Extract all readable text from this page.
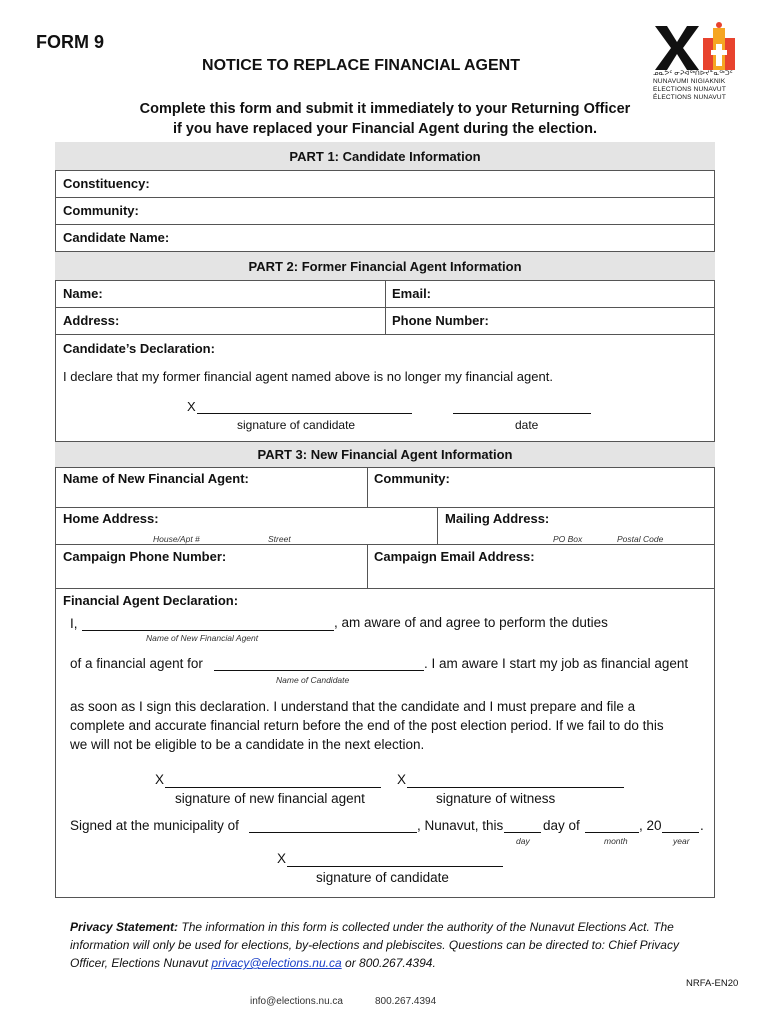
FORM 9
NOTICE TO REPLACE FINANCIAL AGENT
Complete this form and submit it immediately to your Returning Officer
if you have replaced your Financial Agent during the election.
ᓄᓇᕗᑦ ᓂᕈᐊᖅᑎᐅᔪᓐᓇᖅᑐᑦ
NUNAVUMI NIGIAKNIK
ELECTIONS NUNAVUT
ÉLECTIONS NUNAVUT
PART 1: Candidate Information
Constituency:
Community:
Candidate Name:
PART 2: Former Financial Agent Information
Name:	Email:
Address:	Phone Number:
Candidate’s Declaration:
I declare that my former financial agent named above is no longer my financial agent.
X
signature of candidate	date
PART 3: New Financial Agent Information
Name of New Financial Agent:	Community:
Home Address:
House/Apt #	Street
Mailing Address:
PO Box	Postal Code
Campaign Phone Number:	Campaign Email Address:
Financial Agent Declaration:
I,	, am aware of and agree to perform the duties
Name of New Financial Agent
of a financial agent for	. I am aware I start my job as financial agent
Name of Candidate
as soon as I sign this declaration. I understand that the candidate and I must prepare and file a
complete and accurate financial return before the end of the post election period. If we fail to do this
we will not be eligible to be a candidate in the next election.
X	X
signature of new financial agent	signature of witness
Signed at the municipality of	, Nunavut, this	day of	, 20	.
day	month	year
X
signature of candidate
Privacy Statement: The information in this form is collected under the authority of the Nunavut Elections Act. The information will only be used for elections, by-elections and plebiscites. Questions can be directed to: Chief Privacy Officer, Elections Nunavut privacy@elections.nu.ca or 800.267.4394.
NRFA-EN20
info@elections.nu.ca	800.267.4394
